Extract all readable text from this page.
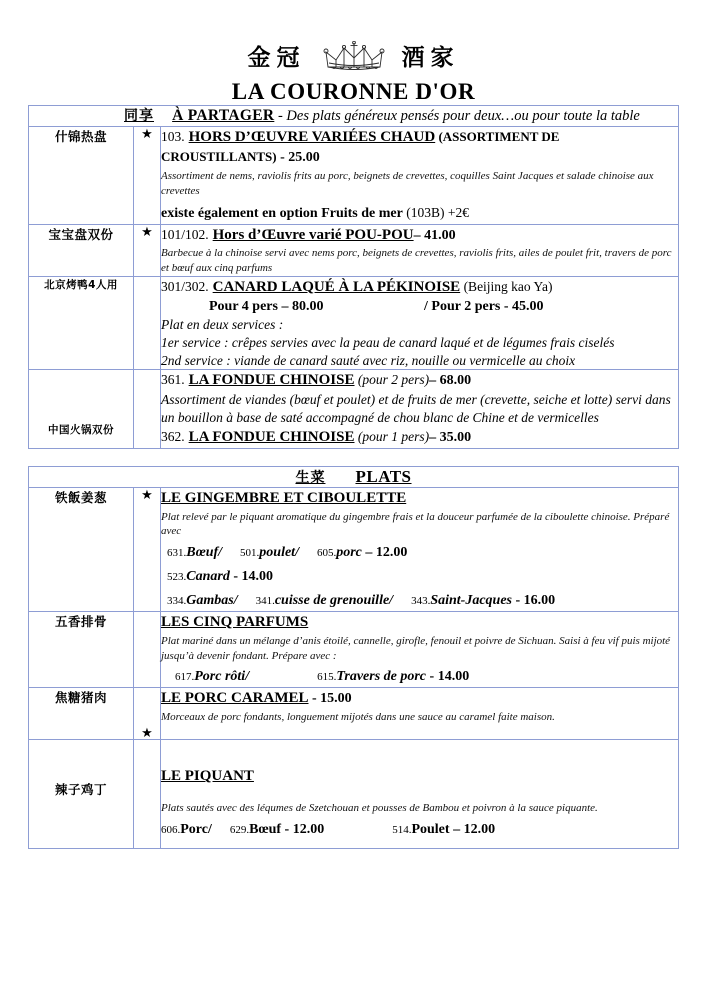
金冠	酒家
LA COURONNE D'OR
同享 À PARTAGER - Des plats généreux pensés pour deux…ou pour toute la table		

什锦热盘	★	103. HORS D’ŒUVRE VARIÉES CHAUD (ASSORTIMENT DE CROUSTILLANTS) - 25.00

Assortiment de nems, raviolis frits au porc, beignets de crevettes, coquilles Saint Jacques et salade chinoise aux crevettes

existe également en option Fruits de mer (103B) +2€

宝宝盘双份	★	101/102. Hors d’Œuvre varié POU-POU– 41.00

Barbecue à la chinoise servi avec nems porc, beignets de crevettes, raviolis frits, ailes de poulet frit, travers de porc et bœuf aux cinq parfums

北京烤鸭4人用		301/302. CANARD LAQUÉ À LA PÉKINOISE (Beijing kao Ya)

Pour 4 pers – 80.00 / Pour 2 pers - 45.00

Plat en deux services :

1er service : crêpes servies avec la peau de canard laqué et de légumes frais ciselés

2nd service : viande de canard sauté avec riz, nouille ou vermicelle au choix

中国火锅双份		361. LA FONDUE CHINOISE (pour 2 pers)– 68.00

Assortiment de viandes (bœuf et poulet) et de fruits de mer (crevette, seiche et lotte) servi dans un bouillon à base de saté accompagné de chou blanc de Chine et de vermicelles

362. LA FONDUE CHINOISE (pour 1 pers)– 35.00

生菜 PLATS		
铁飯姜葱	★	LE GINGEMBRE ET CIBOULETTE

Plat relevé par le piquant aromatique du gingembre frais et la douceur parfumée de la ciboulette chinoise. Préparé avec

631.Bœuf/ 501.poulet/ 605.porc – 12.00

523.Canard - 14.00

334.Gambas/ 341.cuisse de grenouille/ 343.Saint-Jacques - 16.00

五香排骨		LES CINQ PARFUMS

Plat mariné dans un mélange d’anis étoilé, cannelle, girofle, fenouil et poivre de Sichuan. Saisi à feu vif puis mijoté jusqu’à devenir fondant. Prépare avec :

617.Porc rôti/ 615.Travers de porc - 14.00

焦糖猪肉	★	LE PORC CARAMEL - 15.00

Morceaux de porc fondants, longuement mijotés dans une sauce au caramel faite maison.

辣子鸡丁		LE PIQUANT

Plats sautés avec des léqumes de Szetchouan et pousses de Bambou et poivron à la sauce piquante.

606.Porc/ 629.Bœuf - 12.00 514.Poulet – 12.00
